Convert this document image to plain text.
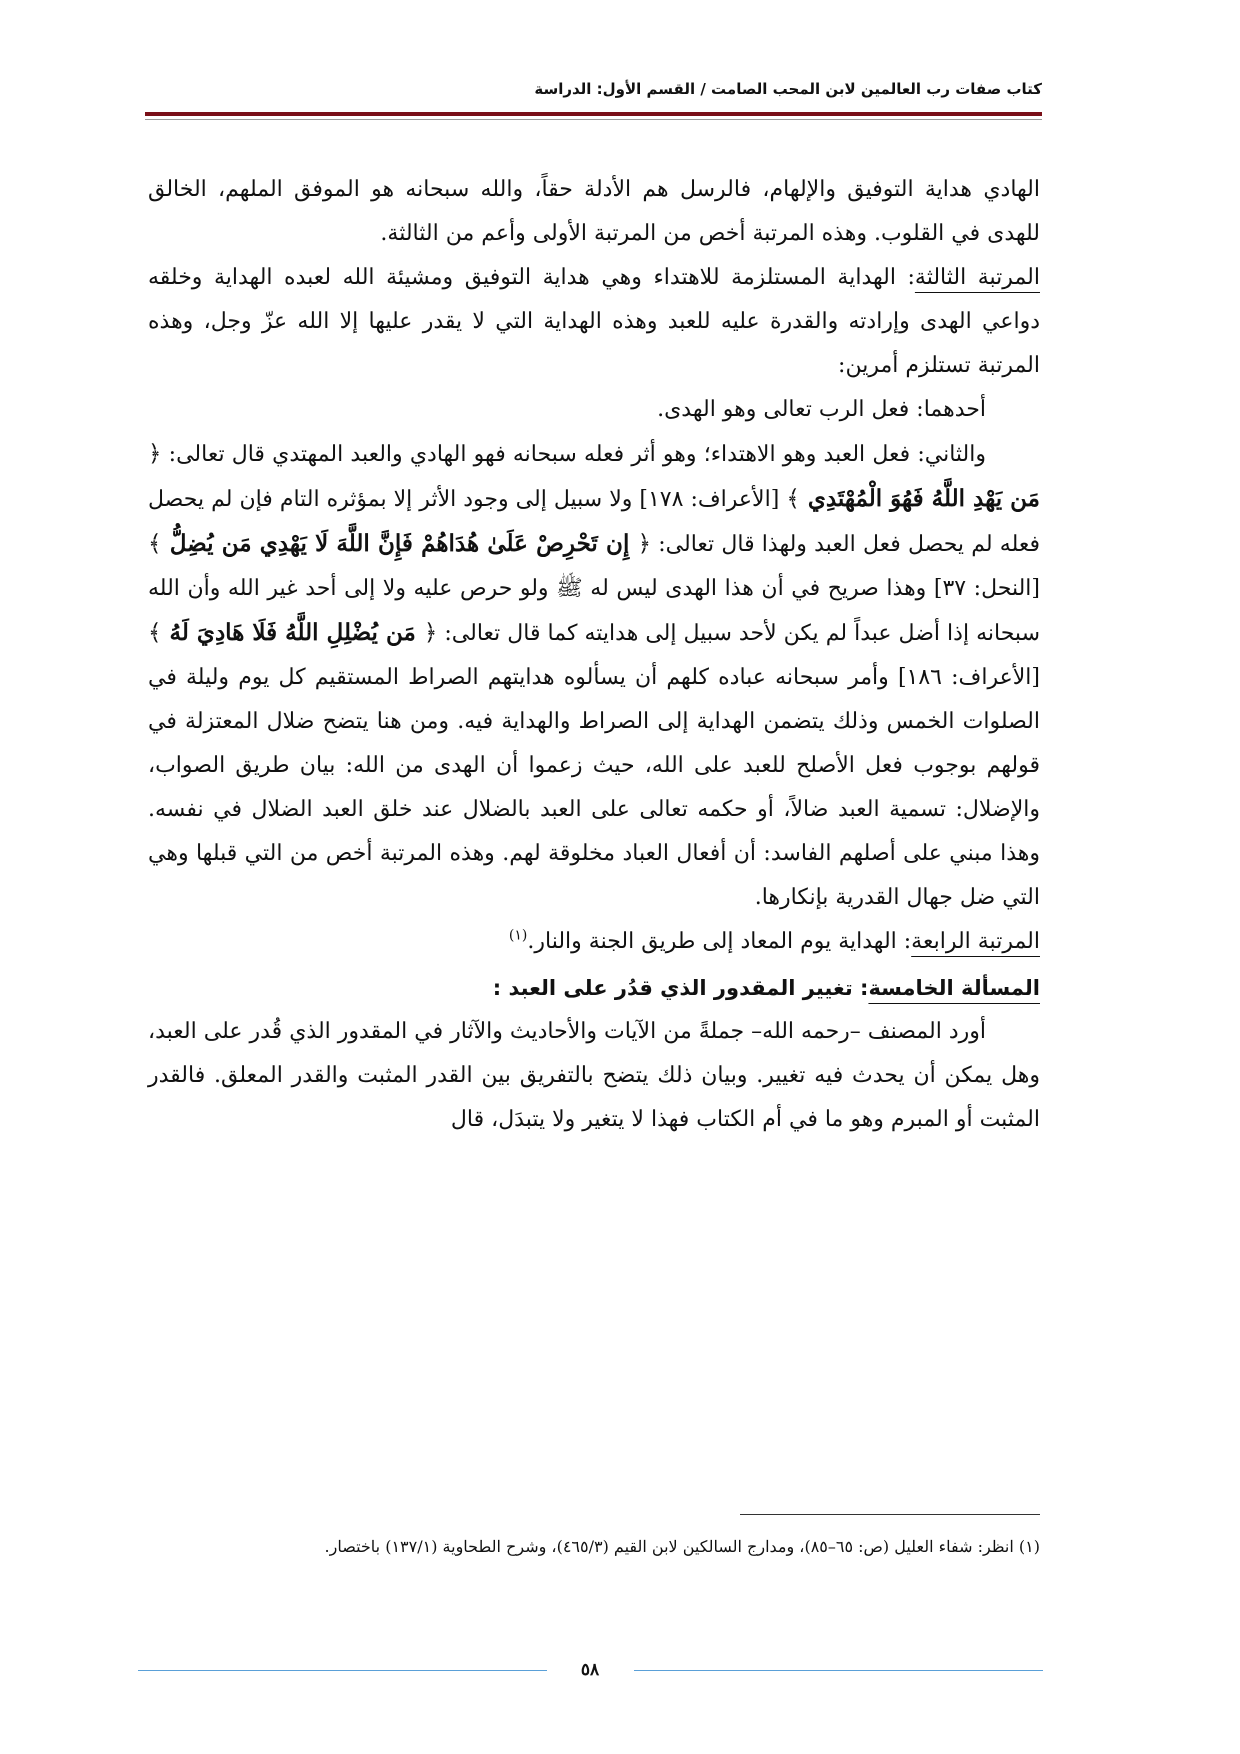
كتاب صفات رب العالمين لابن المحب الصامت / القسم الأول: الدراسة

الهادي هداية التوفيق والإلهام، فالرسل هم الأدلة حقاً، والله سبحانه هو الموفق الملهم، الخالق للهدى في القلوب. وهذه المرتبة أخص من المرتبة الأولى وأعم من الثالثة.

المرتبة الثالثة: الهداية المستلزمة للاهتداء وهي هداية التوفيق ومشيئة الله لعبده الهداية وخلقه دواعي الهدى وإرادته والقدرة عليه للعبد وهذه الهداية التي لا يقدر عليها إلا الله عزّ وجل، وهذه المرتبة تستلزم أمرين:

أحدهما: فعل الرب تعالى وهو الهدى.

والثاني: فعل العبد وهو الاهتداء؛ وهو أثر فعله سبحانه فهو الهادي والعبد المهتدي قال تعالى: ﴿ مَن يَهْدِ اللَّهُ فَهُوَ الْمُهْتَدِي ﴾ [الأعراف: ١٧٨] ولا سبيل إلى وجود الأثر إلا بمؤثره التام فإن لم يحصل فعله لم يحصل فعل العبد ولهذا قال تعالى: ﴿ إِن تَحْرِصْ عَلَىٰ هُدَاهُمْ فَإِنَّ اللَّهَ لَا يَهْدِي مَن يُضِلُّ ﴾ [النحل: ٣٧] وهذا صريح في أن هذا الهدى ليس له ﷺ ولو حرص عليه ولا إلى أحد غير الله وأن الله سبحانه إذا أضل عبداً لم يكن لأحد سبيل إلى هدايته كما قال تعالى: ﴿ مَن يُضْلِلِ اللَّهُ فَلَا هَادِيَ لَهُ ﴾ [الأعراف: ١٨٦] وأمر سبحانه عباده كلهم أن يسألوه هدايتهم الصراط المستقيم كل يوم وليلة في الصلوات الخمس وذلك يتضمن الهداية إلى الصراط والهداية فيه. ومن هنا يتضح ضلال المعتزلة في قولهم بوجوب فعل الأصلح للعبد على الله، حيث زعموا أن الهدى من الله: بيان طريق الصواب، والإضلال: تسمية العبد ضالاً، أو حكمه تعالى على العبد بالضلال عند خلق العبد الضلال في نفسه. وهذا مبني على أصلهم الفاسد: أن أفعال العباد مخلوقة لهم. وهذه المرتبة أخص من التي قبلها وهي التي ضل جهال القدرية بإنكارها.

المرتبة الرابعة: الهداية يوم المعاد إلى طريق الجنة والنار.$^{(١)}$

المسألة الخامسة: تغيير المقدور الذي قدُر على العبد :

أورد المصنف –رحمه الله– جملةً من الآيات والأحاديث والآثار في المقدور الذي قُدر على العبد، وهل يمكن أن يحدث فيه تغيير. وبيان ذلك يتضح بالتفريق بين القدر المثبت والقدر المعلق. فالقدر المثبت أو المبرم وهو ما في أم الكتاب فهذا لا يتغير ولا يتبدَل، قال

(١) انظر: شفاء العليل (ص: ٦٥–٨٥)، ومدارج السالكين لابن القيم (٤٦٥/٣)، وشرح الطحاوية (١٣٧/١) باختصار.
٥٨
